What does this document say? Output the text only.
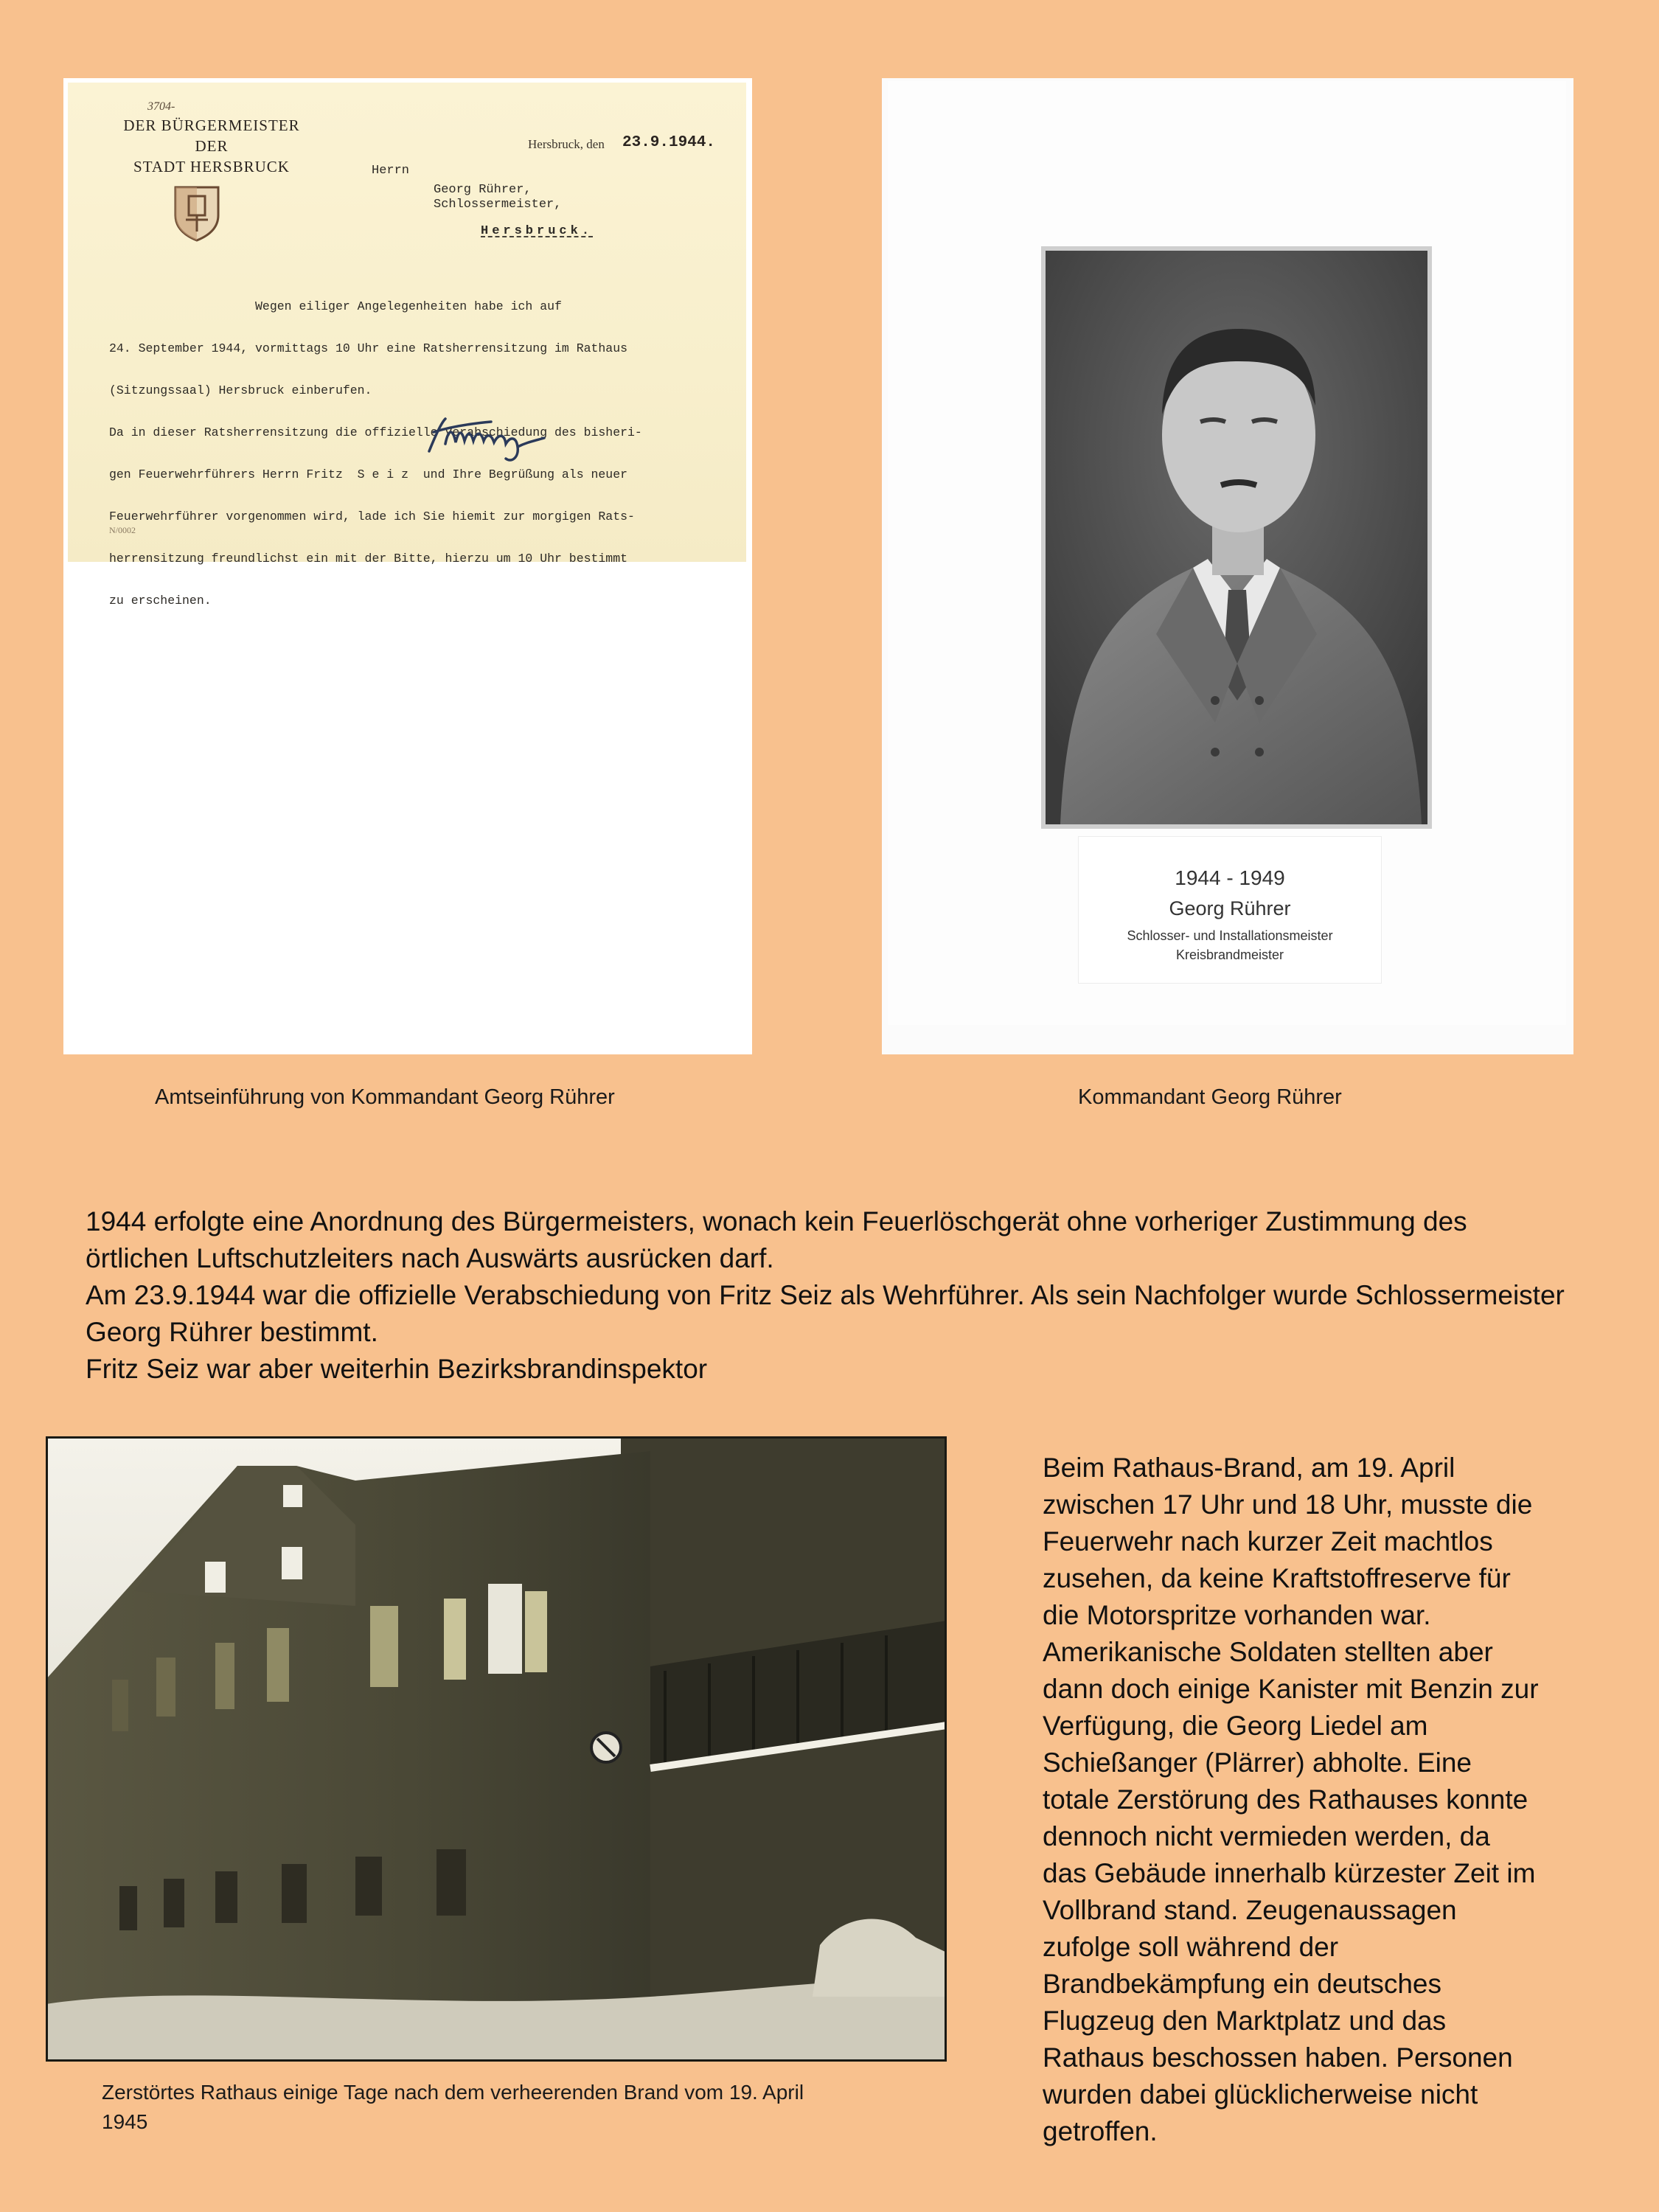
3704-
DER BÜRGERMEISTER
DER
STADT HERSBRUCK
Hersbruck, den 23.9.1944.
Herrn
Georg Rührer,
Schlossermeister,
Hersbruck.

Wegen eiliger Angelegenheiten habe ich auf

24. September 1944, vormittags 10 Uhr eine Ratsherrensitzung im Rathaus

(Sitzungssaal) Hersbruck einberufen.

Da in dieser Ratsherrensitzung die offizielle Verabschiedung des bisheri-

gen Feuerwehrführers Herrn Fritz  S e i z  und Ihre Begrüßung als neuer

Feuerwehrführer vorgenommen wird, lade ich Sie hiemit zur morgigen Rats-

herrensitzung freundlichst ein mit der Bitte, hierzu um 10 Uhr bestimmt

zu erscheinen.

N/0002
1944 - 1949
Georg Rührer
Schlosser- und Installationsmeister
Kreisbrandmeister
Amtseinführung von Kommandant Georg Rührer	Kommandant Georg Rührer
1944 erfolgte eine Anordnung des Bürgermeisters, wonach kein Feuerlöschgerät ohne vorheriger Zustimmung des
örtlichen Luftschutzleiters nach Auswärts ausrücken darf.
Am 23.9.1944 war die offizielle Verabschiedung von Fritz Seiz als Wehrführer. Als sein Nachfolger wurde Schlossermeister
Georg Rührer bestimmt.
Fritz Seiz war aber weiterhin Bezirksbrandinspektor
Zerstörtes Rathaus einige Tage nach dem verheerenden Brand vom 19. April
1945
Beim Rathaus-Brand, am 19. April
zwischen 17 Uhr und 18 Uhr, musste die
Feuerwehr nach kurzer Zeit machtlos
zusehen, da keine Kraftstoffreserve für
die Motorspritze vorhanden war.
Amerikanische Soldaten stellten aber
dann doch einige Kanister mit Benzin zur
Verfügung, die Georg Liedel am
Schießanger (Plärrer) abholte. Eine
totale Zerstörung des Rathauses konnte
dennoch nicht vermieden werden, da
das Gebäude innerhalb kürzester Zeit im
Vollbrand stand. Zeugenaussagen
zufolge soll während der
Brandbekämpfung ein deutsches
Flugzeug den Marktplatz und das
Rathaus beschossen haben. Personen
wurden dabei glücklicherweise nicht
getroffen.
